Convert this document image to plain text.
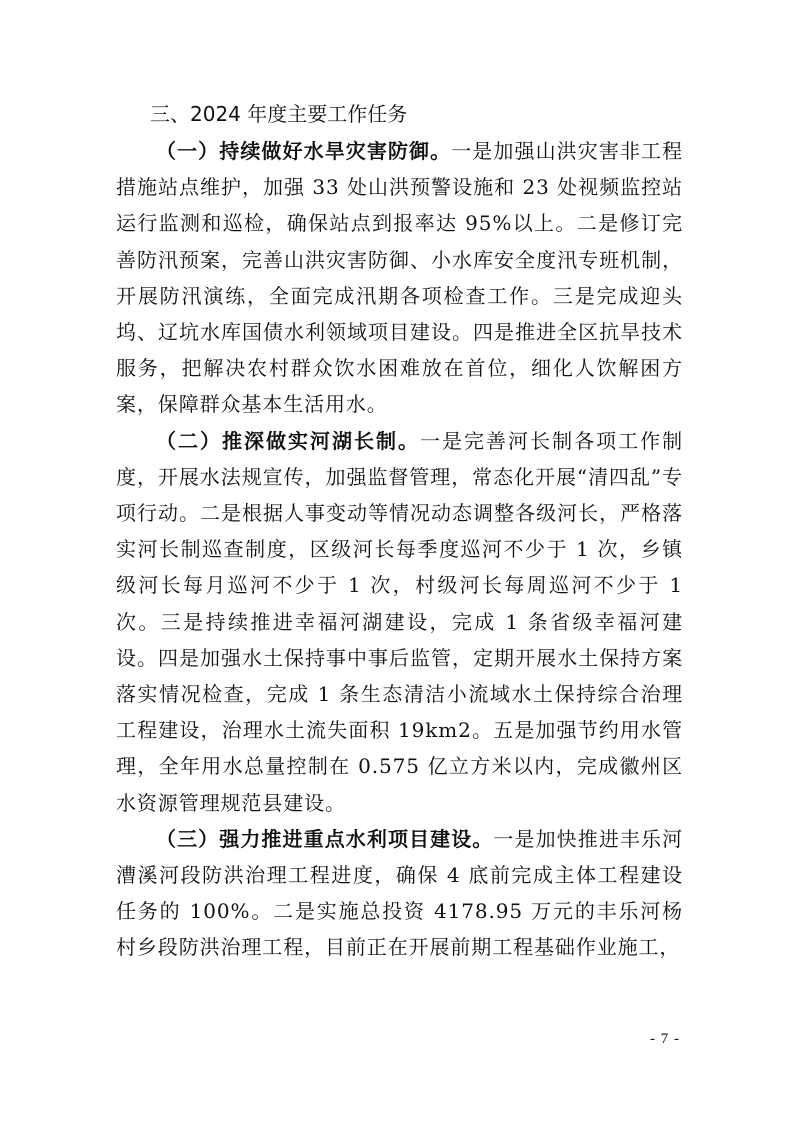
三、2024 年度主要工作任务

（一）持续做好水旱灾害防御。一是加强山洪灾害非工程措施站点维护，加强 33 处山洪预警设施和 23 处视频监控站运行监测和巡检，确保站点到报率达 95%以上。二是修订完善防汛预案，完善山洪灾害防御、小水库安全度汛专班机制，开展防汛演练，全面完成汛期各项检查工作。三是完成迎头坞、辽坑水库国债水利领域项目建设。四是推进全区抗旱技术服务，把解决农村群众饮水困难放在首位，细化人饮解困方案，保障群众基本生活用水。

（二）推深做实河湖长制。一是完善河长制各项工作制度，开展水法规宣传，加强监督管理，常态化开展“清四乱”专项行动。二是根据人事变动等情况动态调整各级河长，严格落实河长制巡查制度，区级河长每季度巡河不少于 1 次，乡镇级河长每月巡河不少于 1 次，村级河长每周巡河不少于 1 次。三是持续推进幸福河湖建设，完成 1 条省级幸福河建设。四是加强水土保持事中事后监管，定期开展水土保持方案落实情况检查，完成 1 条生态清洁小流域水土保持综合治理工程建设，治理水土流失面积 19km2。五是加强节约用水管理，全年用水总量控制在 0.575 亿立方米以内，完成徽州区水资源管理规范县建设。

（三）强力推进重点水利项目建设。一是加快推进丰乐河漕溪河段防洪治理工程进度，确保 4 底前完成主体工程建设任务的 100%。二是实施总投资 4178.95 万元的丰乐河杨村乡段防洪治理工程，目前正在开展前期工程基础作业施工，

- 7 -
